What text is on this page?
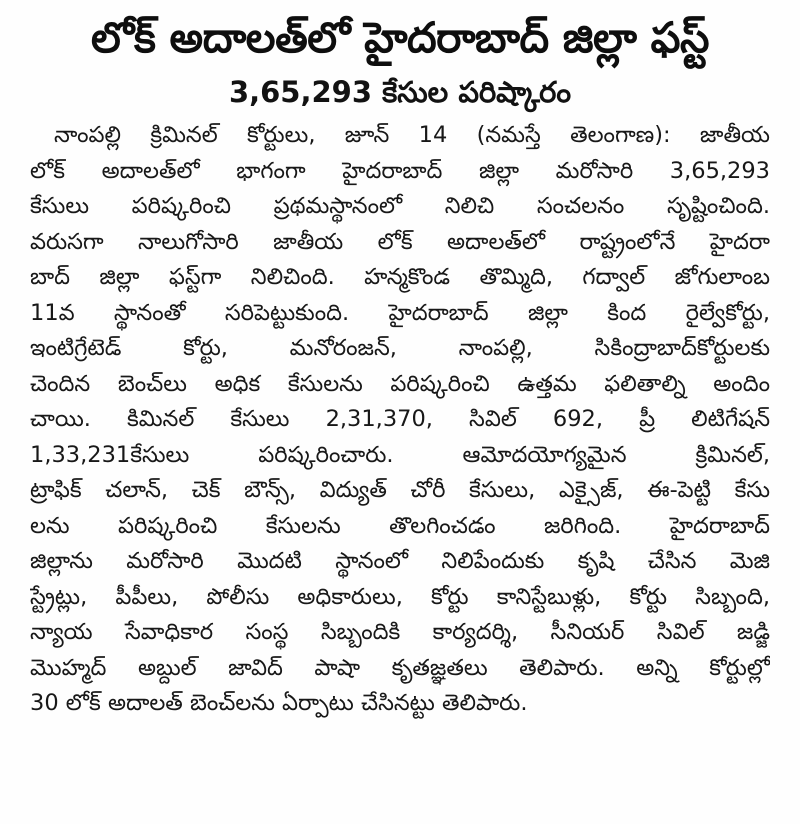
లోక్ అదాలత్‌లో హైదరాబాద్ జిల్లా ఫస్ట్
3,65,293 కేసుల పరిష్కారం
నాంపల్లి క్రిమినల్ కోర్టులు, జూన్ 14 (నమస్తే తెలంగాణ): జాతీయ
లోక్ అదాలత్‌లో భాగంగా హైదరాబాద్ జిల్లా మరోసారి 3,65,293
కేసులు పరిష్కరించి ప్రథమస్థానంలో నిలిచి సంచలనం సృష్టించింది.
వరుసగా నాలుగోసారి జాతీయ లోక్ అదాలత్‌లో రాష్ట్రంలోనే హైదరా
బాద్ జిల్లా ఫస్ట్‌గా నిలిచింది. హన్మకొండ తొమ్మిది, గద్వాల్ జోగులాంబ
11వ స్థానంతో సరిపెట్టుకుంది. హైదరాబాద్ జిల్లా కింద రైల్వేకోర్టు,
ఇంటిగ్రేటెడ్ కోర్టు, మనోరంజన్, నాంపల్లి, సికింద్రాబాద్‌కోర్టులకు
చెందిన బెంచ్‌లు అధిక కేసులను పరిష్కరించి ఉత్తమ ఫలితాల్ని అందిం
చాయి. కిమినల్ కేసులు 2,31,370, సివిల్ 692, ప్రీ లిటిగేషన్
1,33,231కేసులు పరిష్కరించారు. ఆమోదయోగ్యమైన క్రిమినల్,
ట్రాఫిక్ చలాన్, చెక్ బౌన్స్, విద్యుత్ చోరీ కేసులు, ఎక్సైజ్, ఈ-పెట్టి కేసు
లను పరిష్కరించి కేసులను తొలగించడం జరిగింది. హైదరాబాద్
జిల్లాను మరోసారి మొదటి స్థానంలో నిలిపేందుకు కృషి చేసిన మెజి
స్ట్రేట్లు, పీపీలు, పోలీసు అధికారులు, కోర్టు కానిస్టేబుళ్లు, కోర్టు సిబ్బంది,
న్యాయ సేవాధికార సంస్థ సిబ్బందికి కార్యదర్శి, సీనియర్ సివిల్ జడ్జి
మొహ్మద్ అబ్దుల్ జావిద్ పాషా కృతజ్ఞతలు తెలిపారు. అన్ని కోర్టుల్లో
30 లోక్ అదాలత్ బెంచ్‌లను ఏర్పాటు చేసినట్టు తెలిపారు.
